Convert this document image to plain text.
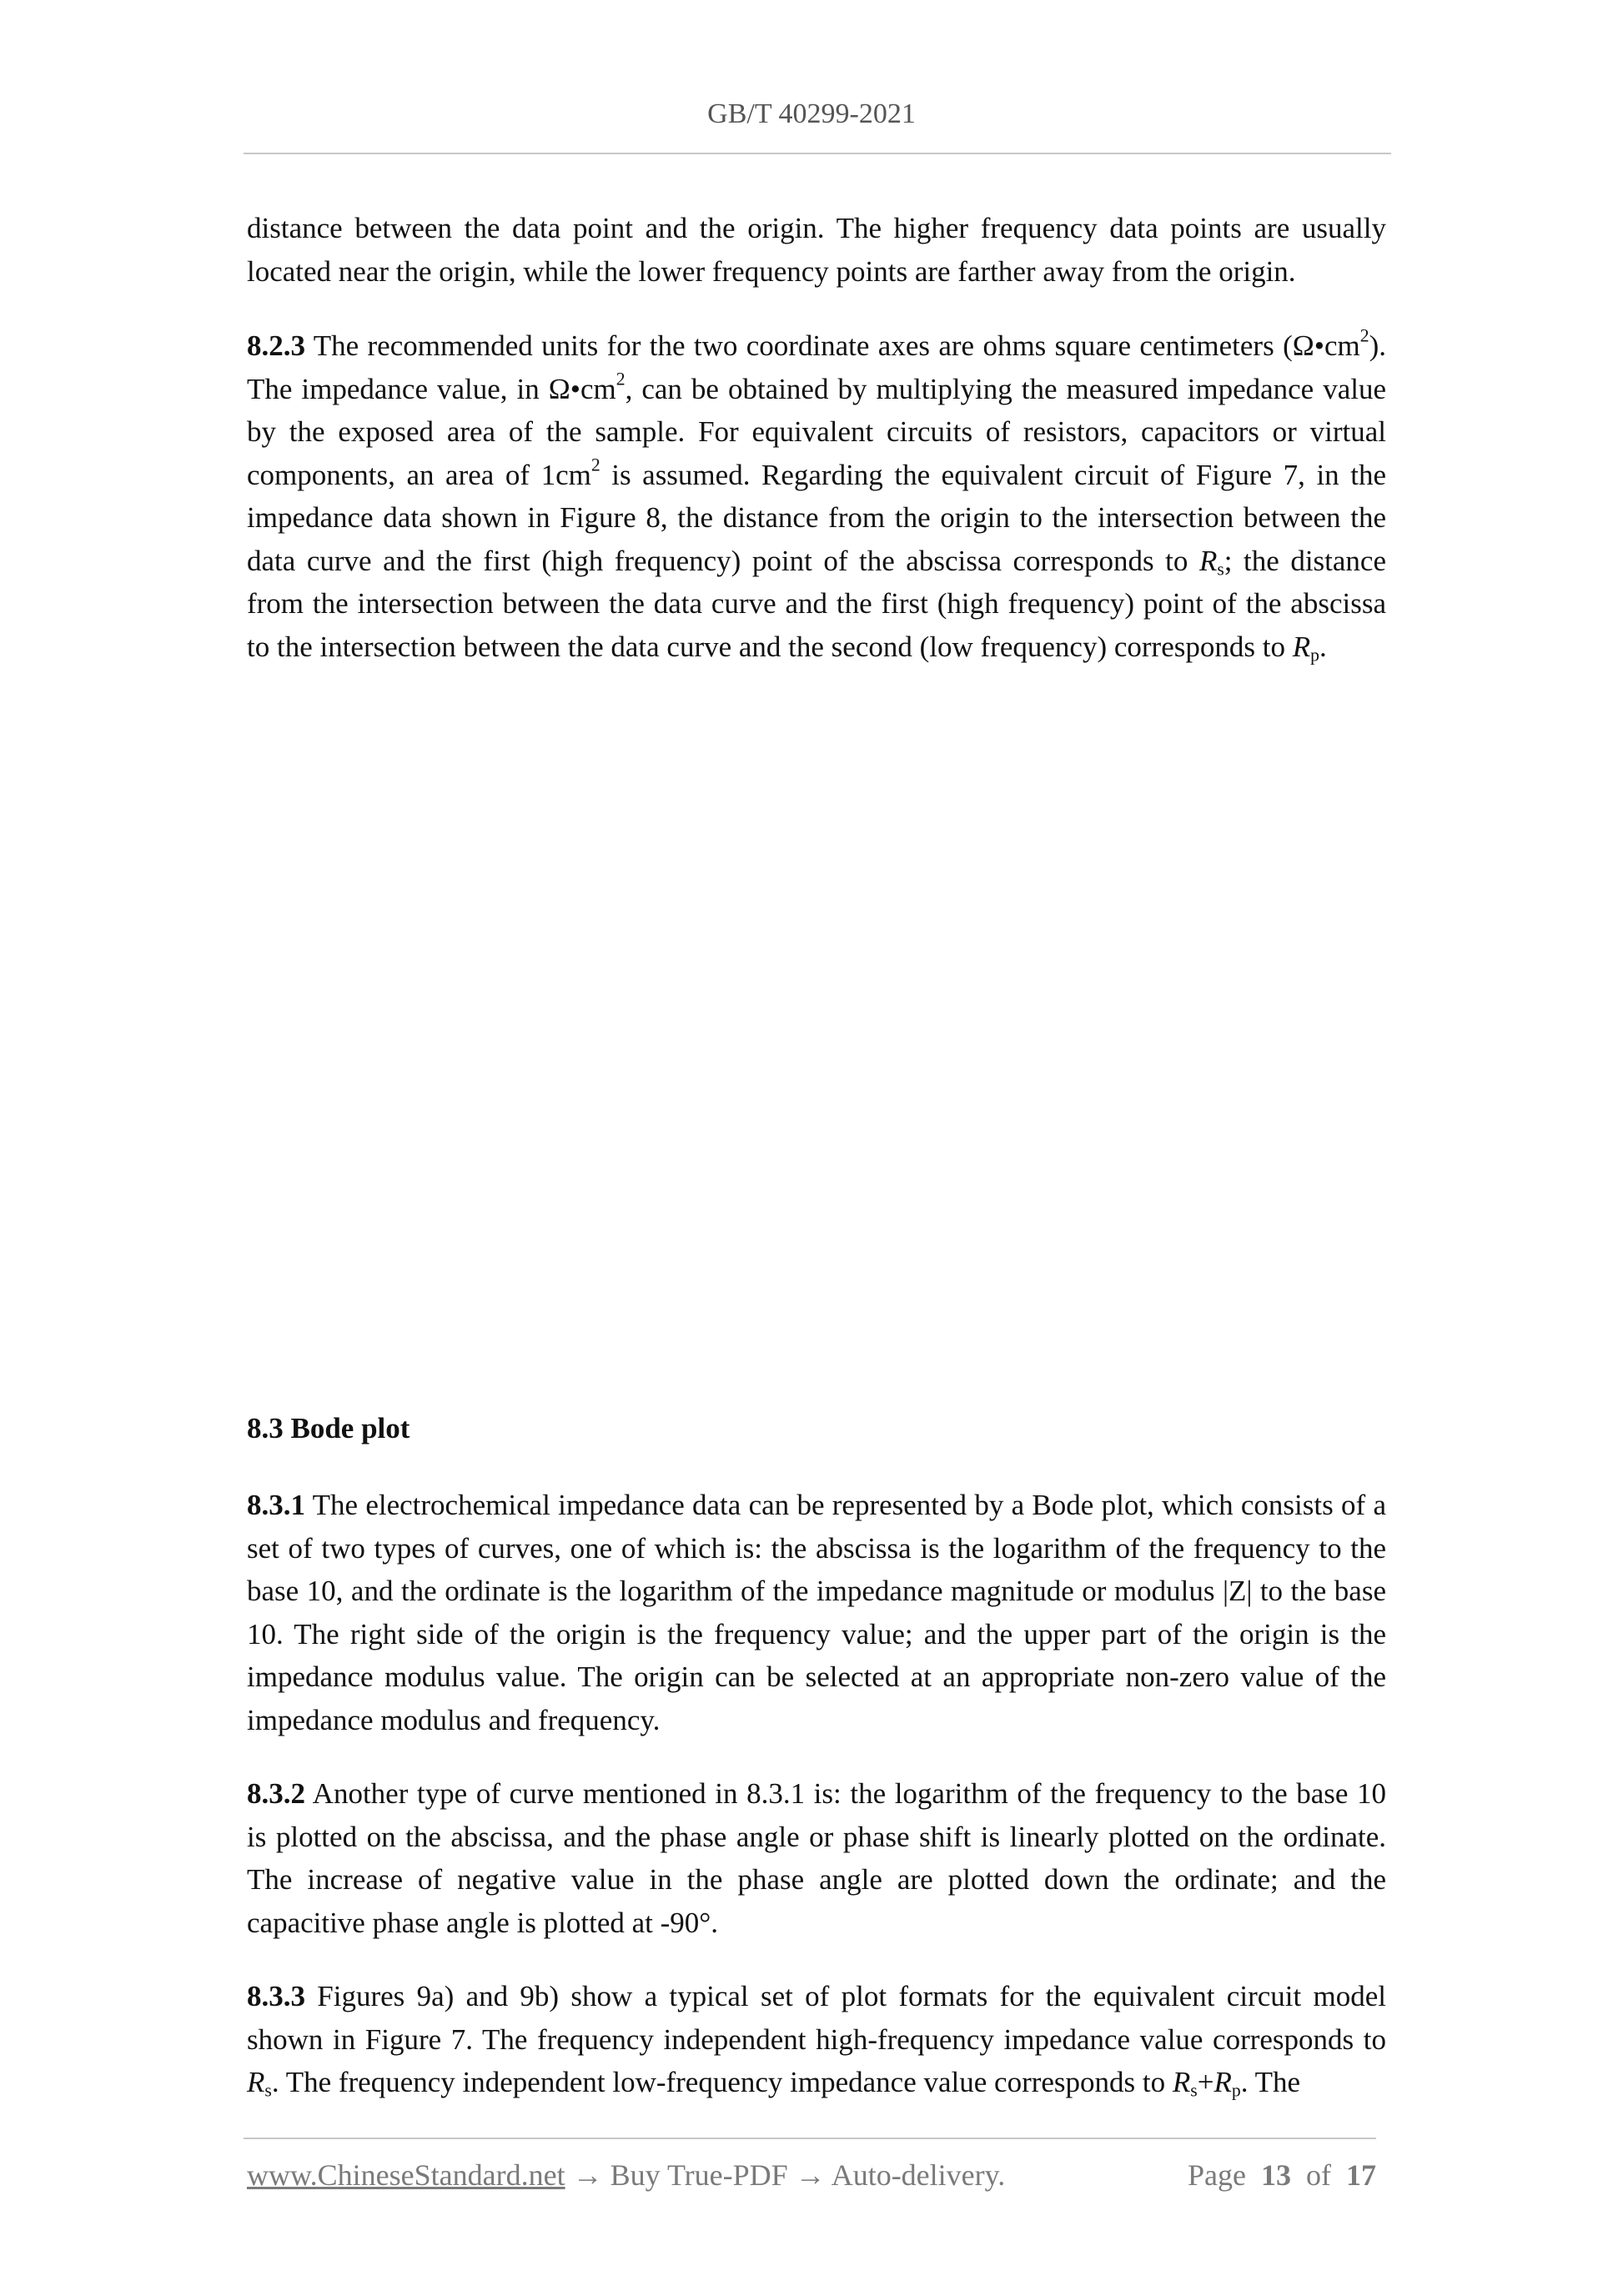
GB/T 40299-2021

distance between the data point and the origin. The higher frequency data points are usually located near the origin, while the lower frequency points are farther away from the origin.

8.2.3 The recommended units for the two coordinate axes are ohms square centimeters $(\Omega•cm^2)$. The impedance value, in $\Omega•cm^2$, can be obtained by multiplying the measured impedance value by the exposed area of the sample. For equivalent circuits of resistors, capacitors or virtual components, an area of $1cm^2$ is assumed. Regarding the equivalent circuit of Figure 7, in the impedance data shown in Figure 8, the distance from the origin to the intersection between the data curve and the first (high frequency) point of the abscissa corresponds to $R_s$; the distance from the intersection between the data curve and the first (high frequency) point of the abscissa to the intersection between the data curve and the second (low frequency) corresponds to $R_p$.

8.3 Bode plot

8.3.1 The electrochemical impedance data can be represented by a Bode plot, which consists of a set of two types of curves, one of which is: the abscissa is the logarithm of the frequency to the base 10, and the ordinate is the logarithm of the impedance magnitude or modulus |Z| to the base 10. The right side of the origin is the frequency value; and the upper part of the origin is the impedance modulus value. The origin can be selected at an appropriate non-zero value of the impedance modulus and frequency.

8.3.2 Another type of curve mentioned in 8.3.1 is: the logarithm of the frequency to the base 10 is plotted on the abscissa, and the phase angle or phase shift is linearly plotted on the ordinate. The increase of negative value in the phase angle are plotted down the ordinate; and the capacitive phase angle is plotted at -90°.

8.3.3 Figures 9a) and 9b) show a typical set of plot formats for the equivalent circuit model shown in Figure 7. The frequency independent high-frequency impedance value corresponds to $R_s$. The frequency independent low-frequency impedance value corresponds to $R_s+R_p$. The

www.ChineseStandard.net → Buy True-PDF → Auto-delivery.	Page 13 of 17
